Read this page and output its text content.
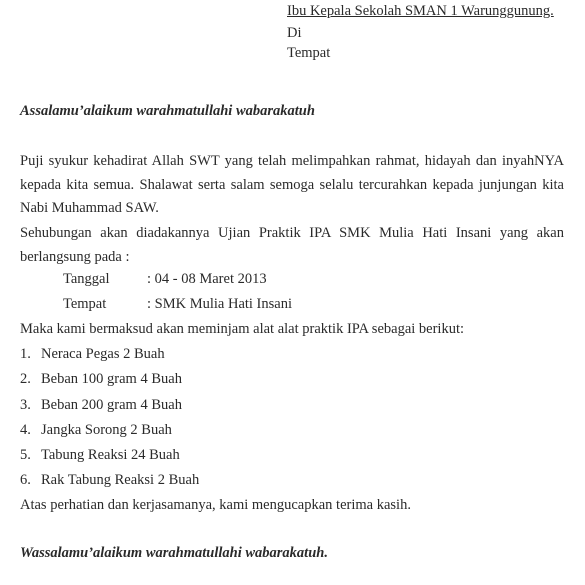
Ibu Kepala Sekolah SMAN 1 Warunggunung.
Di
Tempat
Assalamu’alaikum warahmatullahi wabarakatuh
Puji syukur kehadirat Allah SWT yang telah melimpahkan rahmat, hidayah dan inyahNYA kepada kita semua. Shalawat serta salam semoga selalu tercurahkan kepada junjungan kita Nabi Muhammad SAW.
Sehubungan akan diadakannya Ujian Praktik IPA SMK Mulia Hati Insani yang akan berlangsung pada :
Tanggal	: 04 - 08 Maret 2013
Tempat	: SMK Mulia Hati Insani
Maka kami bermaksud akan meminjam alat alat praktik IPA sebagai berikut:
1. Neraca Pegas 2 Buah
2. Beban 100 gram 4 Buah
3. Beban 200 gram 4 Buah
4. Jangka Sorong 2 Buah
5. Tabung Reaksi 24 Buah
6. Rak Tabung Reaksi 2 Buah
Atas perhatian dan kerjasamanya, kami mengucapkan terima kasih.
Wassalamu’alaikum warahmatullahi wabarakatuh.
